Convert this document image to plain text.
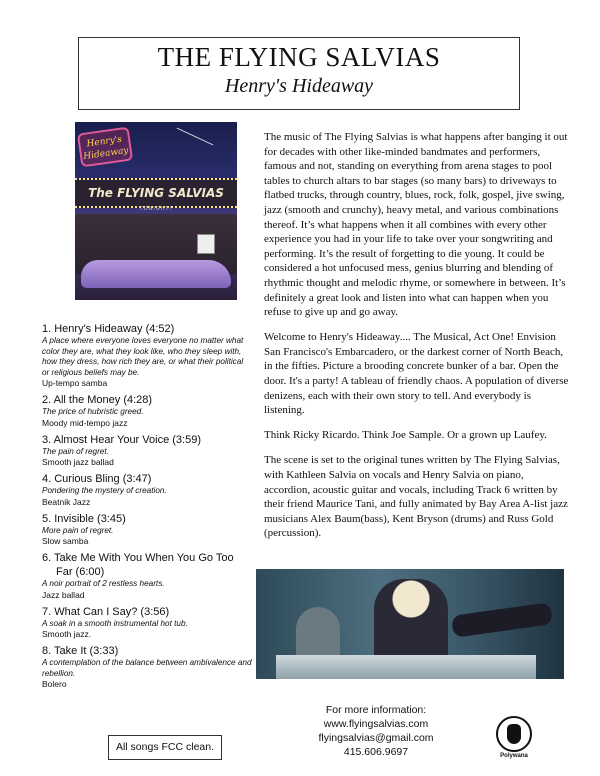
THE FLYING SALVIAS
Henry's Hideaway
Henry's
Hideaway
The FLYING SALVIAS
TONIGHT!

The music of The Flying Salvias is what happens after banging it out for decades with other like-minded bandmates and performers, famous and not, standing on everything from arena stages to pool tables to church altars to bar stages (so many bars) to driveways to flatbed trucks, through country, blues, rock, folk, gospel, jive swing, jazz (smooth and crunchy), heavy metal, and various combinations thereof. It’s what happens when it all combines with every other experience you had in your life to take over your songwriting and performing. It’s the result of forgetting to die young. It could be considered a hot unfocused mess, genius blurring and blending of rhythmic thought and melodic rhyme, or somewhere in between. It’s definitely a great look and listen into what can happen when you refuse to give up and go away.

Welcome to Henry's Hideaway.... The Musical, Act One! Envision San Francisco's Embarcadero, or the darkest corner of North Beach, in the fifties. Picture a brooding concrete bunker of a bar. Open the door. It's a party! A tableau of friendly chaos. A population of diverse denizens, each with their own story to tell. And everybody is listening.

Think Ricky Ricardo. Think Joe Sample. Or a grown up Laufey.

The scene is set to the original tunes written by The Flying Salvias, with Kathleen Salvia on vocals and Henry Salvia on piano, accordion, acoustic guitar and vocals, including Track 6 written by their friend Maurice Tani, and fully animated by Bay Area A-list jazz musicians Alex Baum(bass), Kent Bryson (drums) and Russ Gold (percussion).

1. Henry's Hideaway (4:52)
A place where everyone loves everyone no matter what color they are, what they look like, who they sleep with, how they dress, how rich they are, or what their political or religious beliefs may be.
Up-tempo samba
2. All the Money (4:28)
The price of hubristic greed.
Moody mid-tempo jazz
3. Almost Hear Your Voice (3:59)
The pain of regret.
Smooth jazz ballad
4. Curious Bling (3:47)
Pondering the mystery of creation.
Beatnik Jazz
5. Invisible (3:45)
More pain of regret.
Slow samba
6. Take Me With You When You Go Too Far (6:00)
A noir portrait of 2 restless hearts.
Jazz ballad
7. What Can I Say? (3:56)
A soak in a smooth instrumental hot tub.
Smooth jazz.
8. Take It (3:33)
A contemplation of the balance between ambivalence and rebellion.
Bolero
All songs FCC clean.
For more information:
www.flyingsalvias.com
flyingsalvias@gmail.com
415.606.9697	Polywana
